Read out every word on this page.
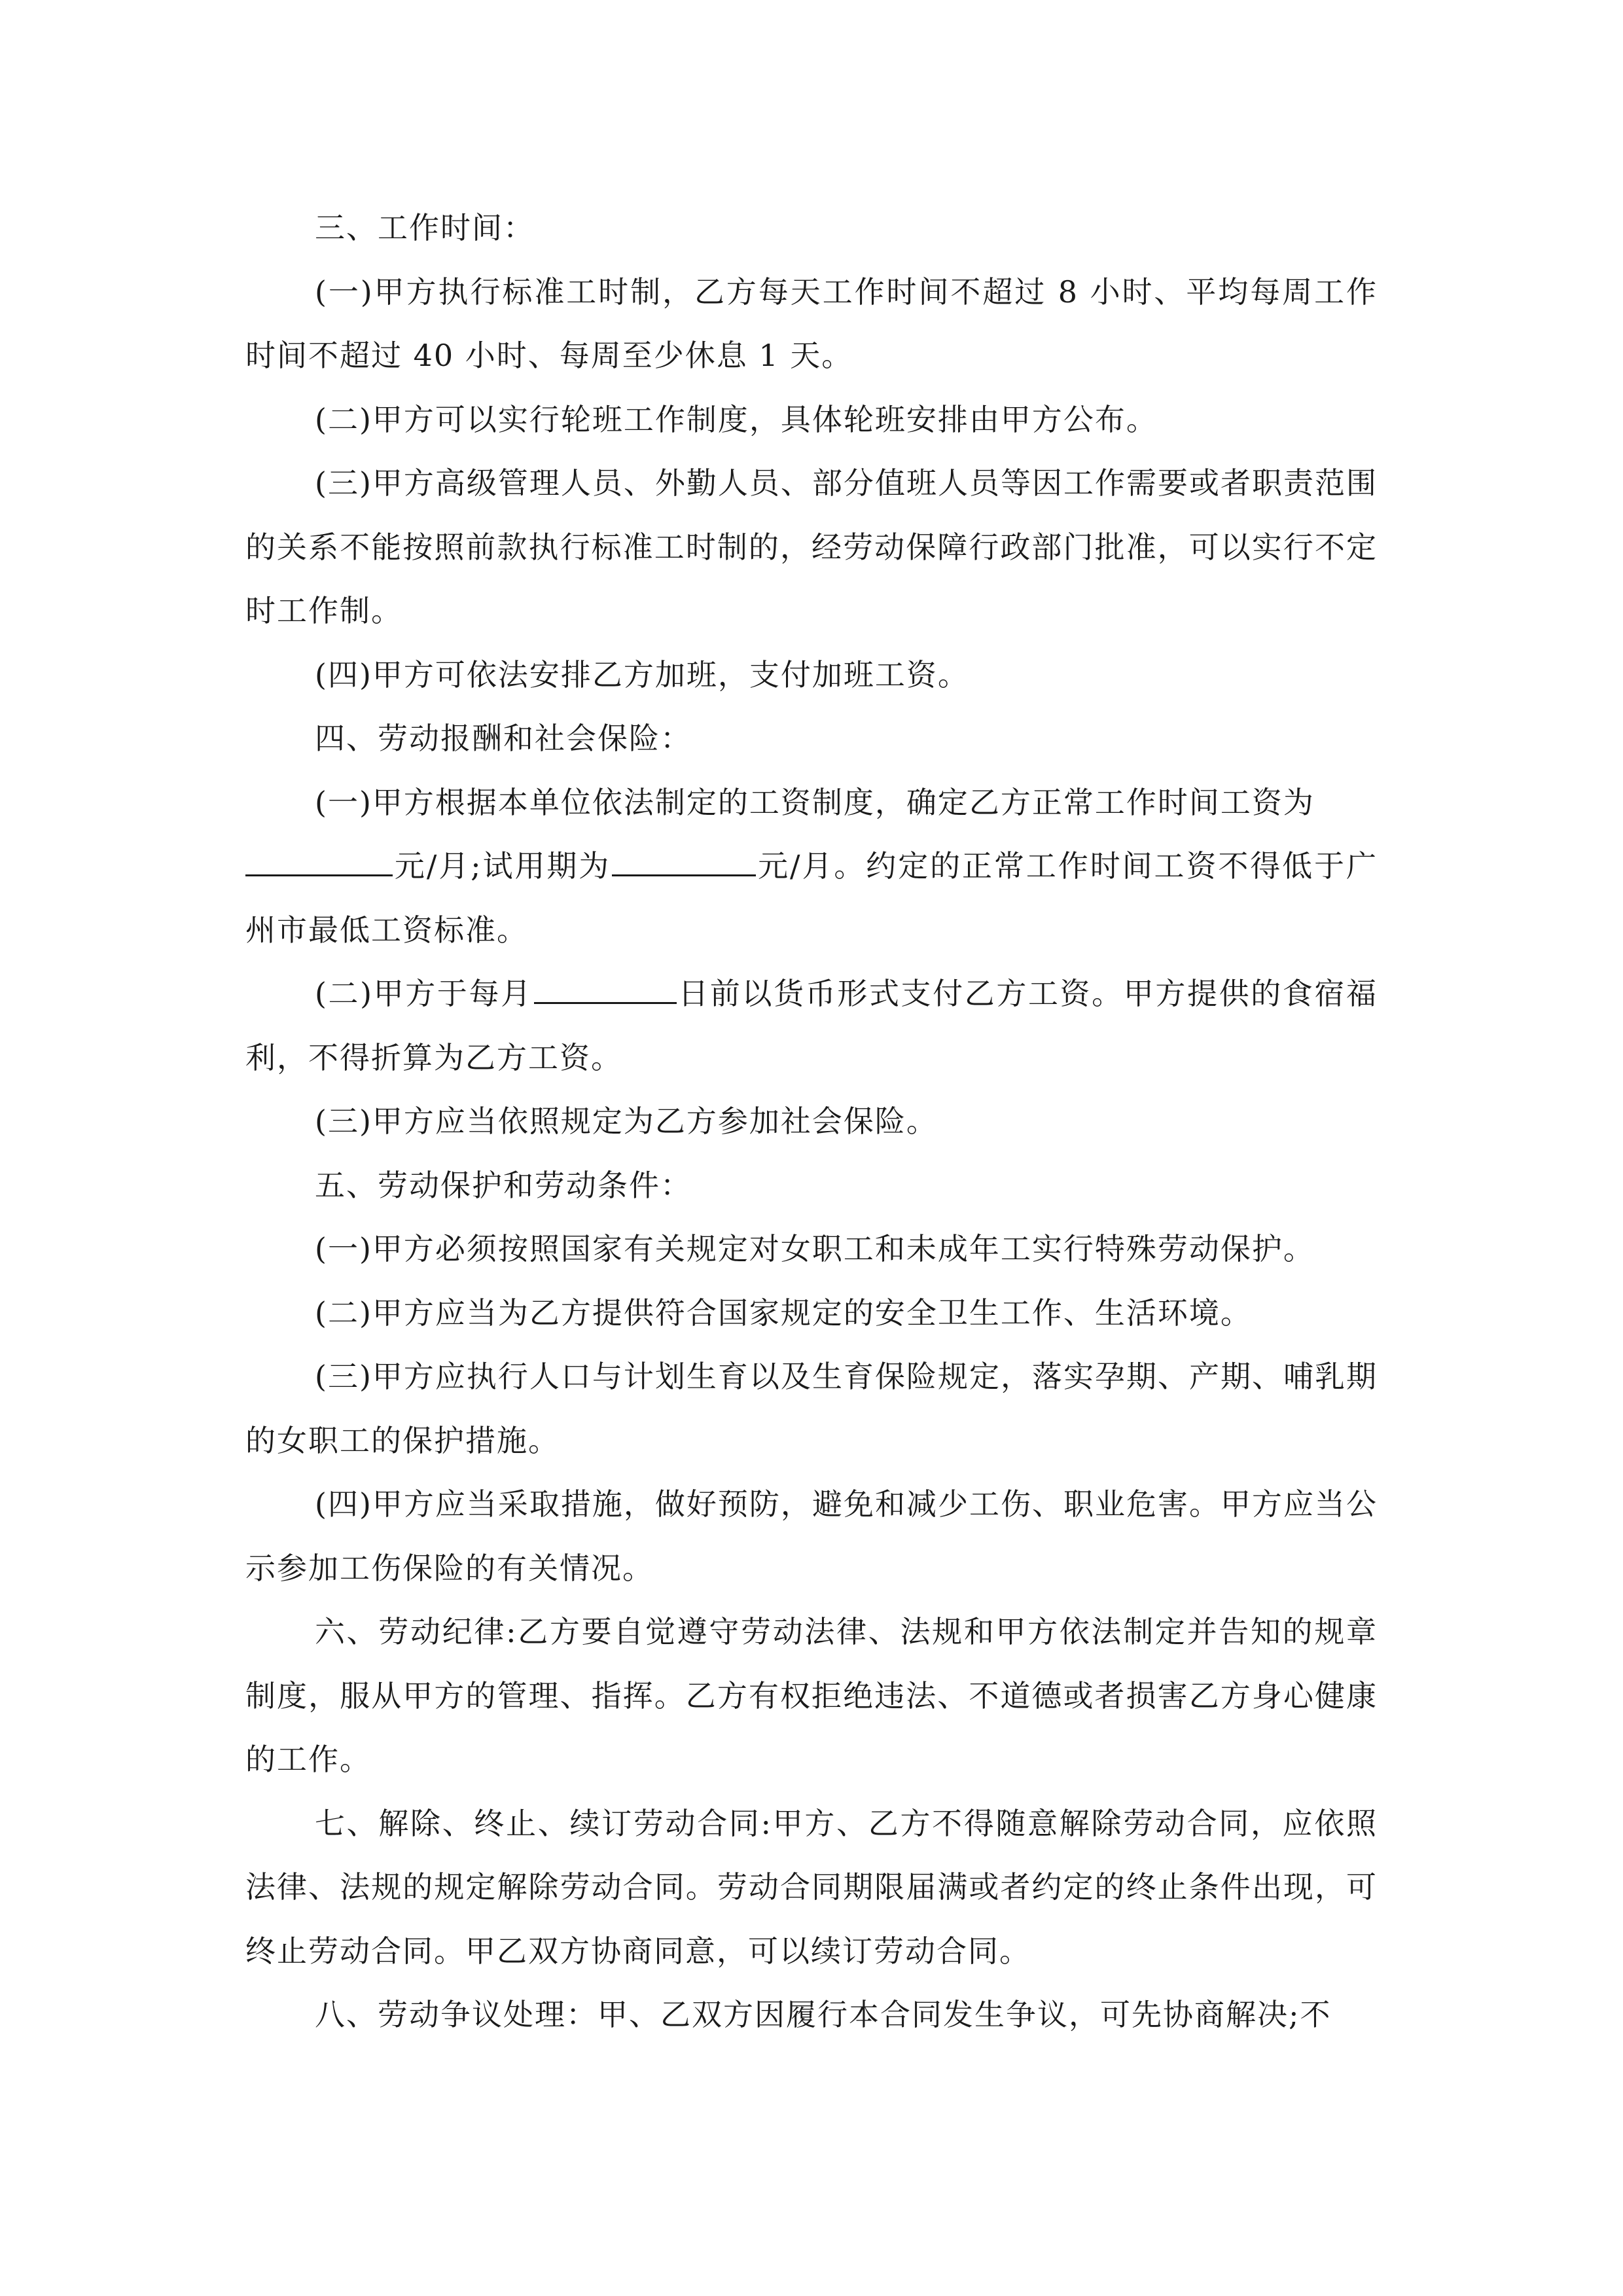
三、工作时间：

(一)甲方执行标准工时制，乙方每天工作时间不超过 8 小时、平均每周工作时间不超过 40 小时、每周至少休息 1 天。

(二)甲方可以实行轮班工作制度，具体轮班安排由甲方公布。

(三)甲方高级管理人员、外勤人员、部分值班人员等因工作需要或者职责范围的关系不能按照前款执行标准工时制的，经劳动保障行政部门批准，可以实行不定时工作制。

(四)甲方可依法安排乙方加班，支付加班工资。

四、劳动报酬和社会保险：

(一)甲方根据本单位依法制定的工资制度，确定乙方正常工作时间工资为
元/月;试用期为	元/月。约定的正常工作时间工资不得低于广州市最低工资标准。

(二)甲方于每月	日前以货币形式支付乙方工资。甲方提供的食宿福利，不得折算为乙方工资。

(三)甲方应当依照规定为乙方参加社会保险。

五、劳动保护和劳动条件：

(一)甲方必须按照国家有关规定对女职工和未成年工实行特殊劳动保护。

(二)甲方应当为乙方提供符合国家规定的安全卫生工作、生活环境。

(三)甲方应执行人口与计划生育以及生育保险规定，落实孕期、产期、哺乳期的女职工的保护措施。

(四)甲方应当采取措施，做好预防，避免和减少工伤、职业危害。甲方应当公示参加工伤保险的有关情况。

六、劳动纪律:乙方要自觉遵守劳动法律、法规和甲方依法制定并告知的规章制度，服从甲方的管理、指挥。乙方有权拒绝违法、不道德或者损害乙方身心健康的工作。

七、解除、终止、续订劳动合同:甲方、乙方不得随意解除劳动合同，应依照法律、法规的规定解除劳动合同。劳动合同期限届满或者约定的终止条件出现，可终止劳动合同。甲乙双方协商同意，可以续订劳动合同。

八、劳动争议处理：甲、乙双方因履行本合同发生争议，可先协商解决;不
